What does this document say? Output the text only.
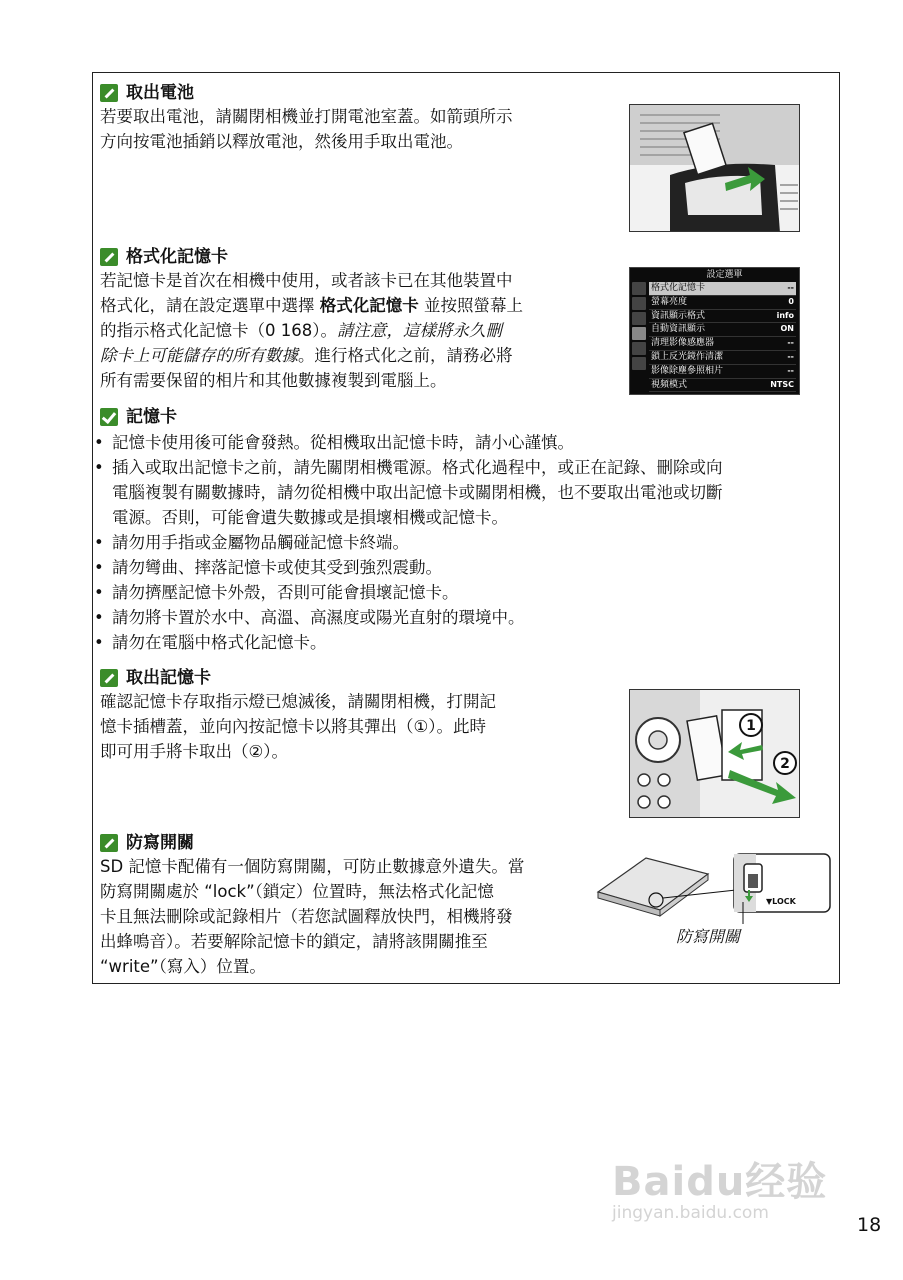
取出電池

若要取出電池，請關閉相機並打開電池室蓋。如箭頭所示
方向按電池插銷以釋放電池，然後用手取出電池。

格式化記憶卡

若記憶卡是首次在相機中使用，或者該卡已在其他裝置中
格式化，請在設定選單中選擇 格式化記憶卡 並按照螢幕上
的指示格式化記憶卡（0 168）。請注意，這樣將永久刪
除卡上可能儲存的所有數據。進行格式化之前，請務必將
所有需要保留的相片和其他數據複製到電腦上。

設定選單
格式化記憶卡	--
螢幕亮度	0
資訊顯示格式	info
自動資訊顯示	ON
清理影像感應器	--
鎖上反光鏡作清潔	--
影像除塵參照相片	--
視頻模式	NTSC
記憶卡
• 記憶卡使用後可能會發熱。從相機取出記憶卡時，請小心謹慎。
• 插入或取出記憶卡之前，請先關閉相機電源。格式化過程中，或正在記錄、刪除或向
電腦複製有關數據時，請勿從相機中取出記憶卡或關閉相機，也不要取出電池或切斷
電源。否則，可能會遺失數據或是損壞相機或記憶卡。
• 請勿用手指或金屬物品觸碰記憶卡終端。
• 請勿彎曲、摔落記憶卡或使其受到強烈震動。
• 請勿擠壓記憶卡外殼，否則可能會損壞記憶卡。
• 請勿將卡置於水中、高溫、高濕度或陽光直射的環境中。
• 請勿在電腦中格式化記憶卡。
取出記憶卡

確認記憶卡存取指示燈已熄滅後，請關閉相機，打開記
憶卡插槽蓋，並向內按記憶卡以將其彈出（①）。此時
即可用手將卡取出（②）。

1
2
防寫開關

SD 記憶卡配備有一個防寫開關，可防止數據意外遺失。當
防寫開關處於 “lock”（鎖定）位置時，無法格式化記憶
卡且無法刪除或記錄相片（若您試圖釋放快門，相機將發
出蜂鳴音）。若要解除記憶卡的鎖定，請將該開關推至
“write”（寫入）位置。

▼LOCK
防寫開關
Baidu经验
jingyan.baidu.com
18
